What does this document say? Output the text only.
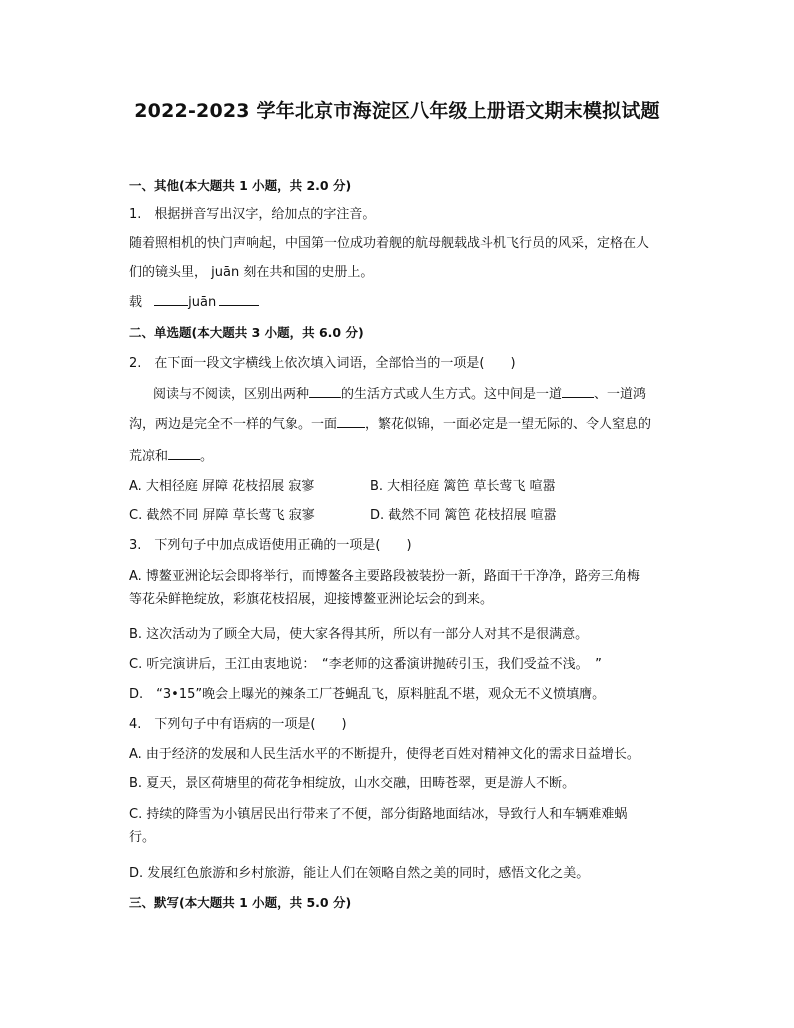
2022-2023 学年北京市海淀区八年级上册语文期末模拟试题
一、其他(本大题共 1 小题，共 2.0 分)
1.　根据拼音写出汉字，给加点的字注音。
随着照相机的快门声响起，中国第一位成功着舰的航母舰载战斗机飞行员的风采，定格在人
们的镜头里， juān 刻在共和国的史册上。
载	juān
二、单选题(本大题共 3 小题，共 6.0 分)
2.　在下面一段文字横线上依次填入词语，全部恰当的一项是(　　)
阅读与不阅读，区别出两种 的生活方式或人生方式。这中间是一道 、一道鸿
沟，两边是完全不一样的气象。一面 ，繁花似锦，一面必定是一望无际的、令人窒息的
荒凉和 。
A. 大相径庭 屏障 花枝招展 寂寥	B. 大相径庭 篱笆 草长莺飞 喧嚣
C. 截然不同 屏障 草长莺飞 寂寥	D. 截然不同 篱笆 花枝招展 喧嚣
3.　下列句子中加点成语使用正确的一项是(　　)
A. 博鳌亚洲论坛会即将举行，而博鳌各主要路段被装扮一新，路面干干净净，路旁三角梅
等花朵鲜艳绽放，彩旗花枝招展，迎接博鳌亚洲论坛会的到来。
B. 这次活动为了顾全大局，使大家各得其所，所以有一部分人对其不是很满意。
C. 听完演讲后，王江由衷地说：　“李老师的这番演讲抛砖引玉，我们受益不浅。　”
D.　“3•15”晚会上曝光的辣条工厂苍蝇乱飞，原料脏乱不堪，观众无不义愤填膺。
4.　下列句子中有语病的一项是(　　)
A. 由于经济的发展和人民生活水平的不断提升，使得老百姓对精神文化的需求日益增长。
B. 夏天，景区荷塘里的荷花争相绽放，山水交融，田畴苍翠，更是游人不断。
C. 持续的降雪为小镇居民出行带来了不便，部分街路地面结冰，导致行人和车辆难难蜗
行。
D. 发展红色旅游和乡村旅游，能让人们在领略自然之美的同时，感悟文化之美。
三、默写(本大题共 1 小题，共 5.0 分)
